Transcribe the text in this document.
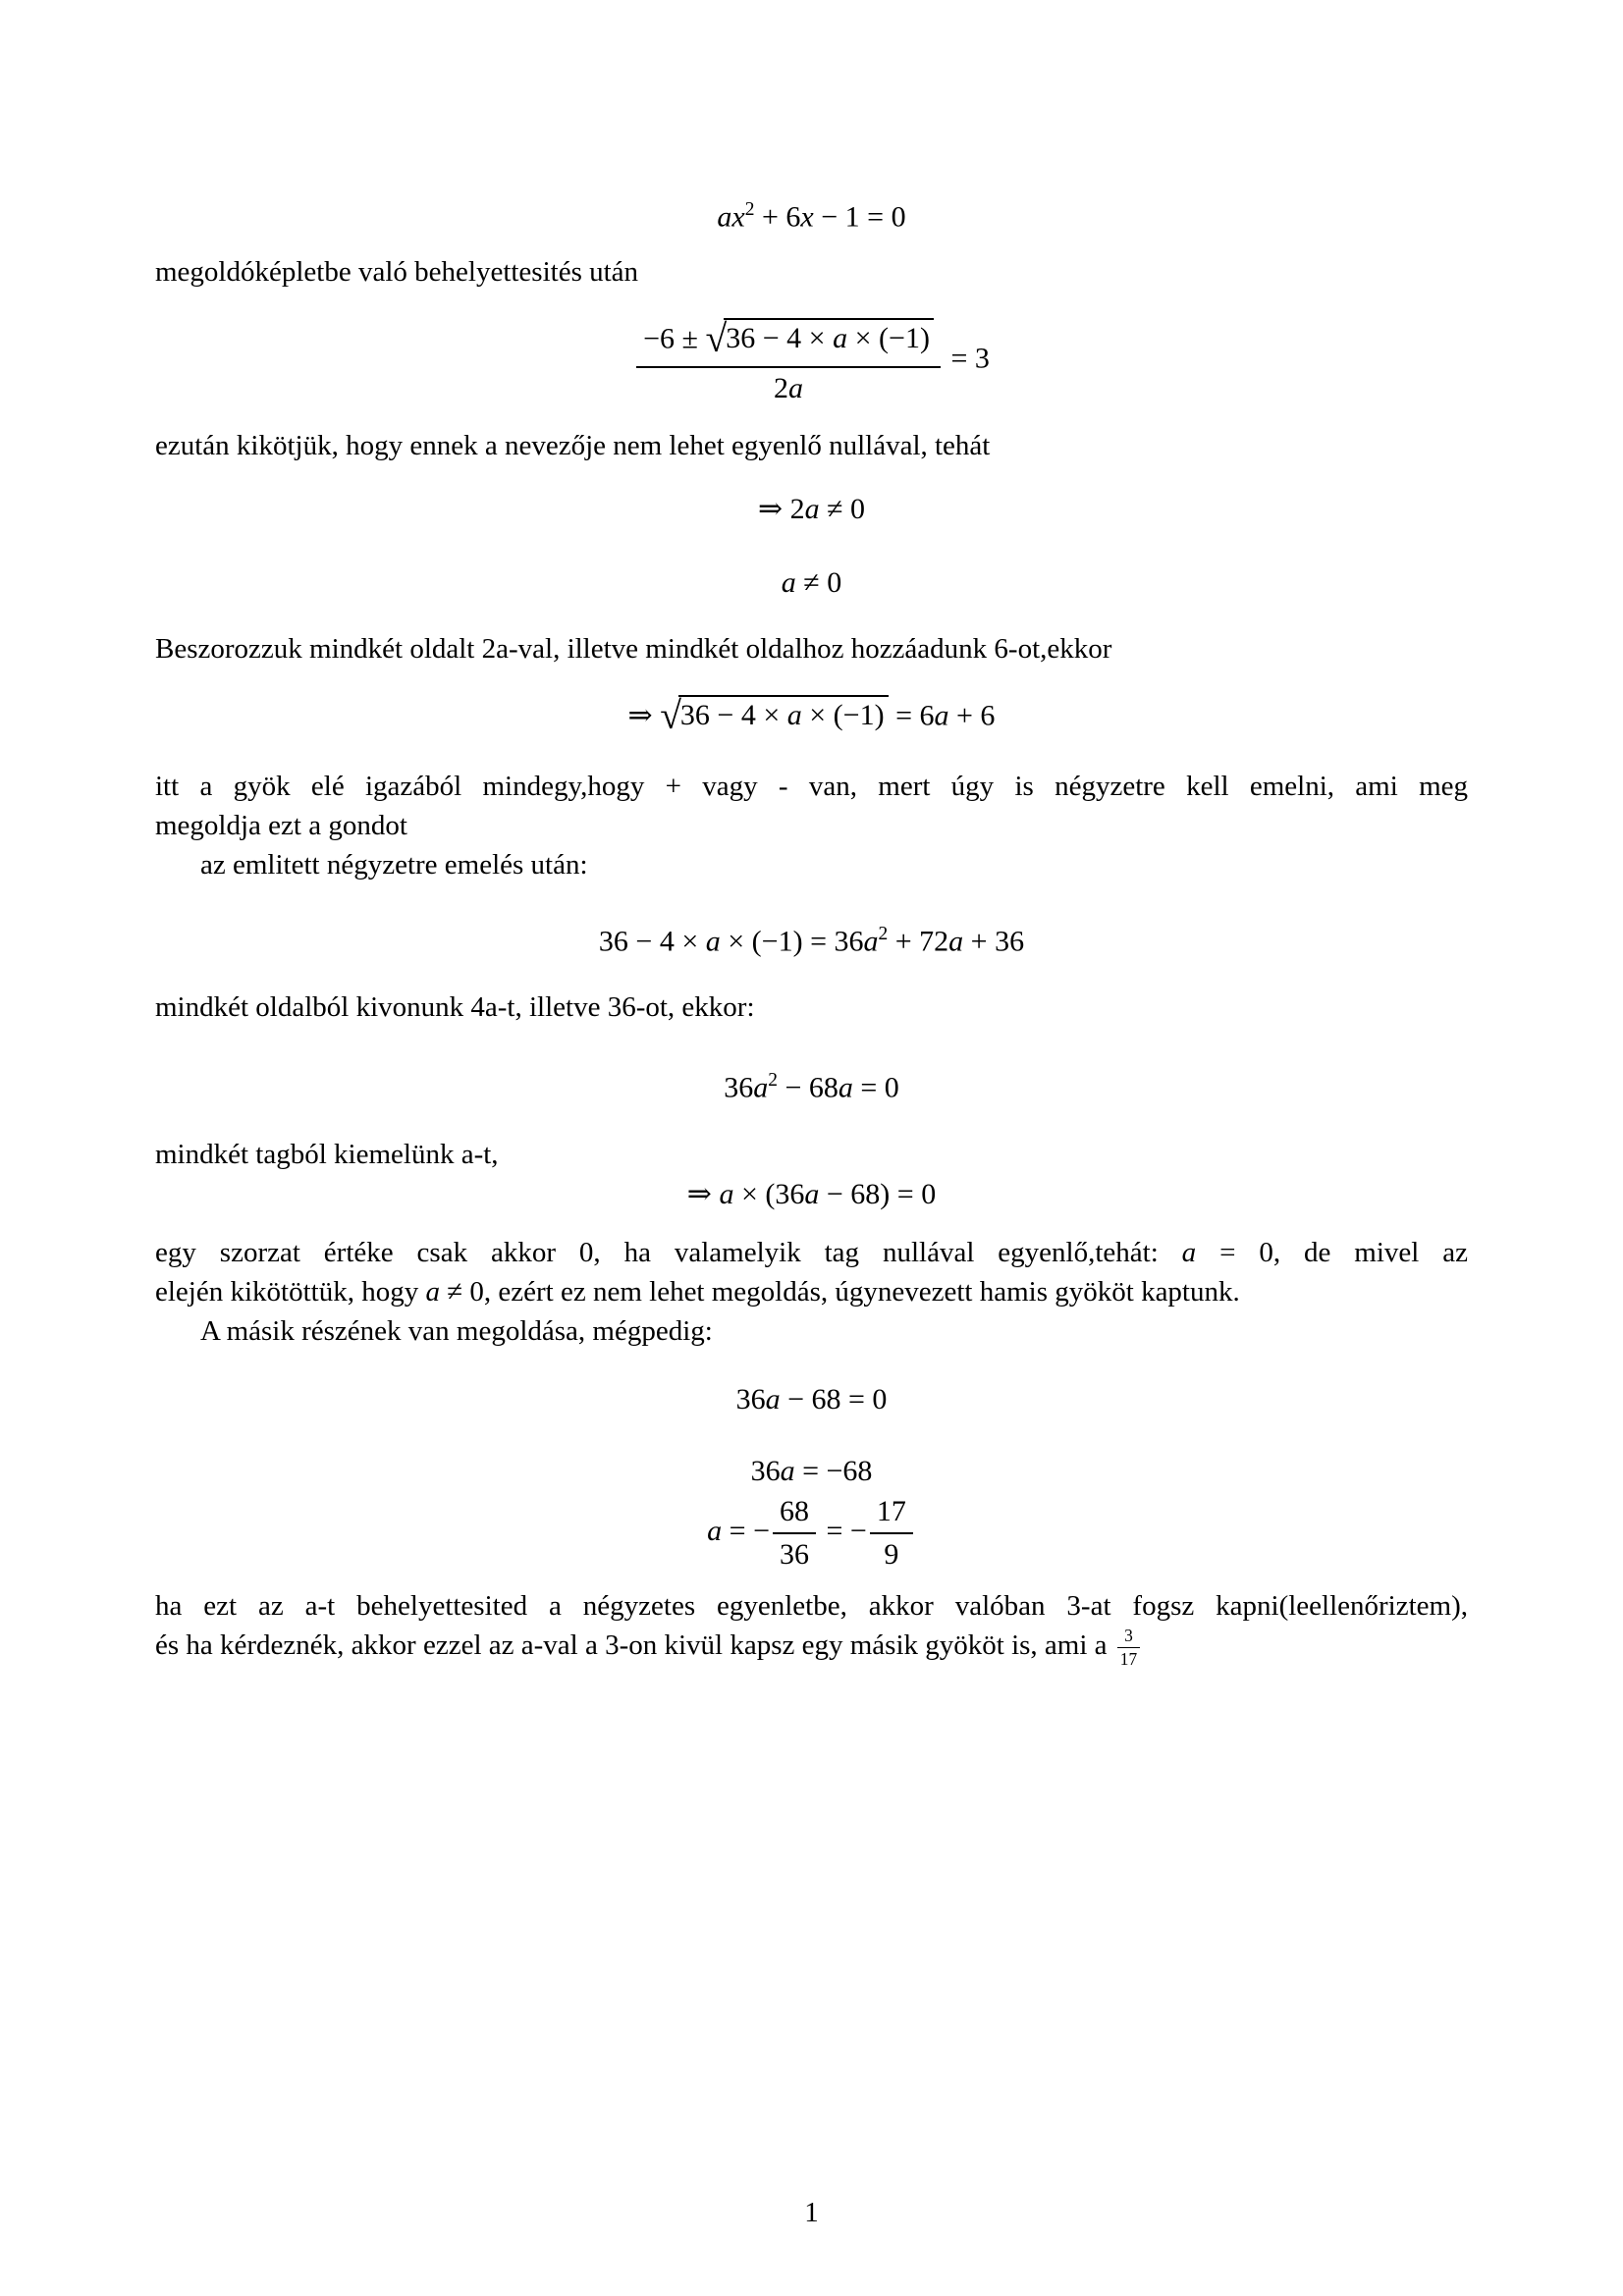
$ax^2 + 6x - 1 = 0$
megoldóképletbe való behelyettesités után
$\frac{-6 \pm √36 - 4 \times a \times (-1)}{2a} = 3$
ezután kikötjük, hogy ennek a nevezője nem lehet egyenlő nullával, tehát
⇒ 2a ≠ 0
a ≠ 0
Beszorozzuk mindkét oldalt 2a-val, illetve mindkét oldalhoz hozzáadunk 6-ot,ekkor
⇒ √36 − 4 × a × (−1) = 6a + 6
itt a gyök elé igazából mindegy,hogy + vagy - van, mert úgy is négyzetre kell emelni, ami meg
megoldja ezt a gondot
az emlitett négyzetre emelés után:
$36 - 4 \times a \times (-1) = 36a^2 + 72a + 36$
mindkét oldalból kivonunk 4a-t, illetve 36-ot, ekkor:
$36a^2 - 68a = 0$
mindkét tagból kiemelünk a-t,
⇒ a × (36a − 68) = 0
egy szorzat értéke csak akkor 0, ha valamelyik tag nullával egyenlő,tehát: a = 0, de mivel az
elején kikötöttük, hogy a ≠ 0, ezért ez nem lehet megoldás, úgynevezett hamis gyököt kaptunk.
A másik részének van megoldása, mégpedig:
36a − 68 = 0
36a = −68
a = − $\frac{68}{36}$ = − $\frac{17}{9}$
ha ezt az a-t behelyettesited a négyzetes egyenletbe, akkor valóban 3-at fogsz kapni(leellenőriztem),
és ha kérdeznék, akkor ezzel az a-val a 3-on kivül kapsz egy másik gyököt is, ami a $\frac{3}{17}$
1
